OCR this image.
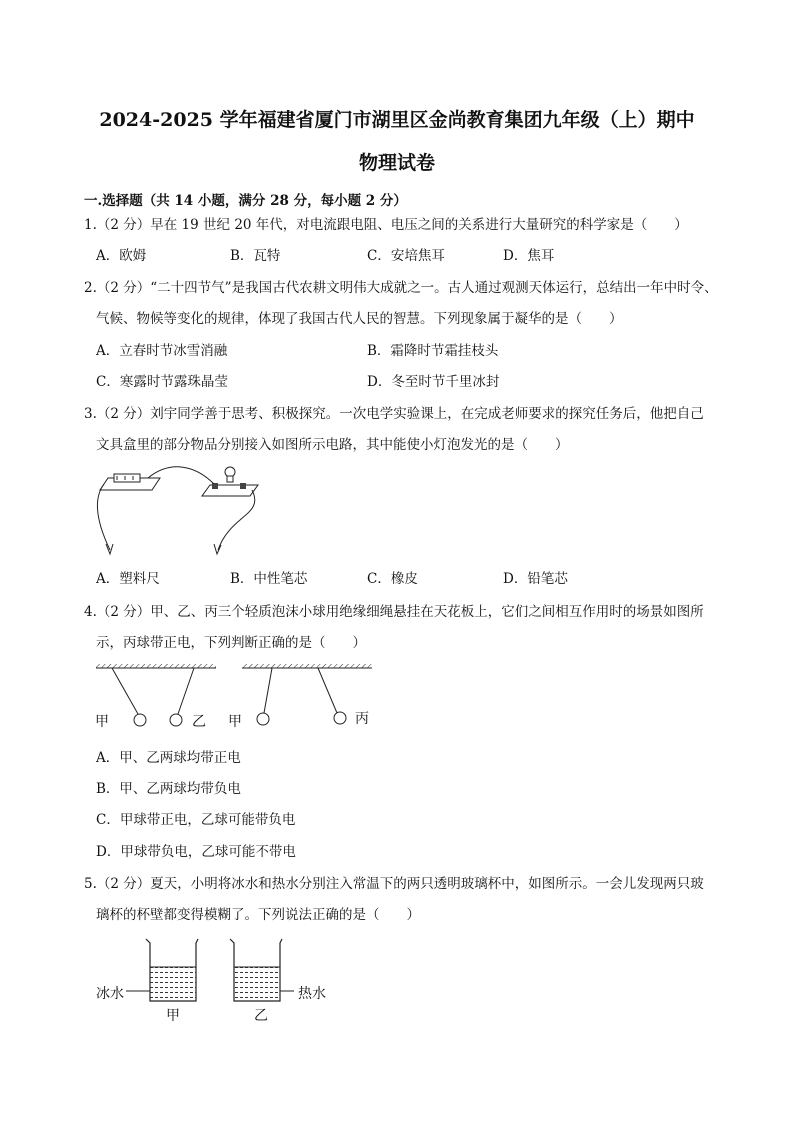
2024-2025 学年福建省厦门市湖里区金尚教育集团九年级（上）期中
物理试卷
一.选择题（共 14 小题，满分 28 分，每小题 2 分）
1.（2 分）早在 19 世纪 20 年代，对电流跟电阻、电压之间的关系进行大量研究的科学家是（　　）
A．欧姆	B．瓦特	C．安培焦耳	D．焦耳
2.（2 分）“二十四节气”是我国古代农耕文明伟大成就之一。古人通过观测天体运行，总结出一年中时令、
气候、物候等变化的规律，体现了我国古代人民的智慧。下列现象属于凝华的是（　　）
A．立春时节冰雪消融	B．霜降时节霜挂枝头
C．寒露时节露珠晶莹	D．冬至时节千里冰封
3.（2 分）刘宇同学善于思考、积极探究。一次电学实验课上，在完成老师要求的探究任务后，他把自己
文具盒里的部分物品分别接入如图所示电路，其中能使小灯泡发光的是（　　）
A．塑料尺	B．中性笔芯	C．橡皮	D．铅笔芯
4.（2 分）甲、乙、丙三个轻质泡沫小球用绝缘细绳悬挂在天花板上，它们之间相互作用时的场景如图所
示，丙球带正电，下列判断正确的是（　　）
甲	乙 甲	丙
A．甲、乙两球均带正电
B．甲、乙两球均带负电
C．甲球带正电，乙球可能带负电
D．甲球带负电，乙球可能不带电
5.（2 分）夏天，小明将冰水和热水分别注入常温下的两只透明玻璃杯中，如图所示。一会儿发现两只玻
璃杯的杯壁都变得模糊了。下列说法正确的是（　　）
冰水	热水
甲	乙
